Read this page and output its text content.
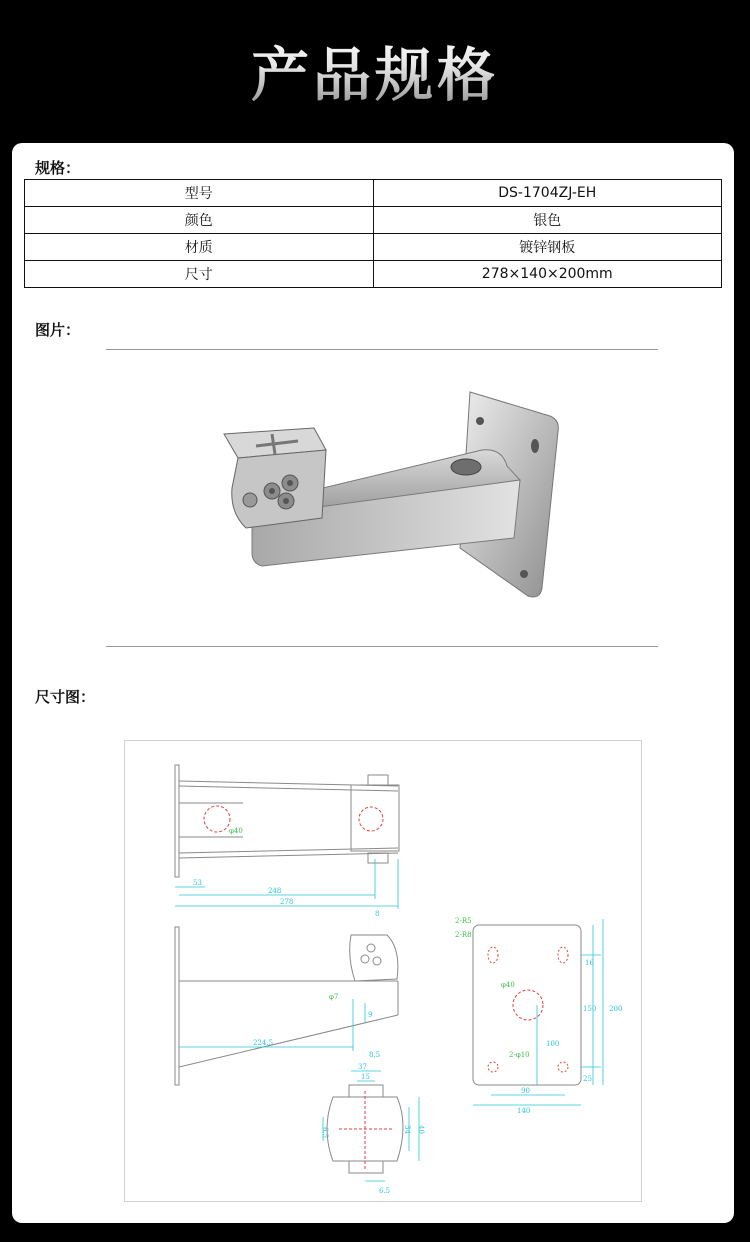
产品规格
规格：
型号	DS-1704ZJ-EH
颜色	银色
材质	镀锌钢板
尺寸	278×140×200mm
图片：
尺寸图：
φ40
53
248
278
8
φ7
9
224.5
8.5
2-R5
2-R8
φ40
2-φ10
100
150 200
25
16
90
140
37
15
6.5	34 40
6.5
